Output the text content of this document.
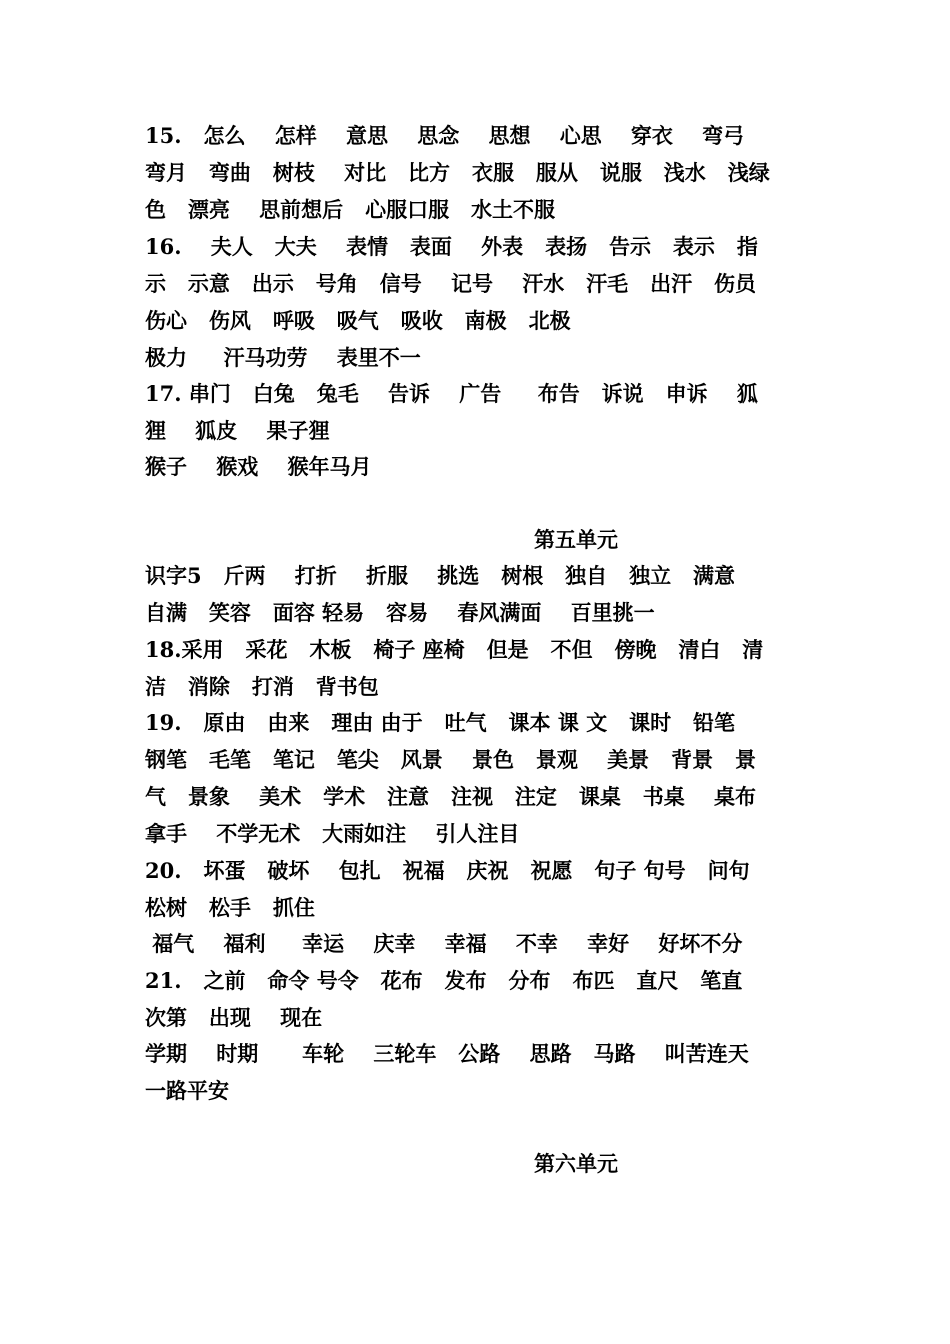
15.   怎么    怎样    意思    思念    思想    心思    穿衣    弯弓
弯月   弯曲   树枝    对比   比方   衣服   服从   说服   浅水   浅绿
色   漂亮    思前想后   心服口服   水土不服
16.    夫人   大夫    表情   表面    外表   表扬   告示   表示   指
示   示意   出示   号角   信号    记号    汗水   汗毛   出汗   伤员
伤心   伤风   呼吸   吸气   吸收   南极   北极
极力     汗马功劳    表里不一
17. 串门   白兔   兔毛    告诉    广告     布告   诉说   申诉    狐
狸    狐皮    果子狸
猴子    猴戏    猴年马月
第五单元
识字5   斤两    打折    折服    挑选   树根   独自   独立   满意
自满   笑容   面容 轻易   容易    春风满面    百里挑一
18.采用   采花   木板   椅子 座椅   但是   不但   傍晚   清白   清
洁   消除   打消   背书包
19.   原由   由来   理由 由于   吐气   课本 课 文   课时   铅笔
钢笔   毛笔   笔记   笔尖   风景    景色   景观    美景   背景   景
气   景象    美术   学术   注意   注视   注定   课桌   书桌    桌布
拿手    不学无术   大雨如注    引人注目
20.   坏蛋   破坏    包扎   祝福   庆祝   祝愿   句子 句号   问句
松树   松手   抓住
福气    福利     幸运    庆幸    幸福    不幸    幸好    好坏不分
21.   之前   命令 号令   花布   发布   分布   布匹   直尺   笔直
次第   出现    现在
学期    时期      车轮    三轮车   公路    思路   马路    叫苦连天
一路平安
第六单元
